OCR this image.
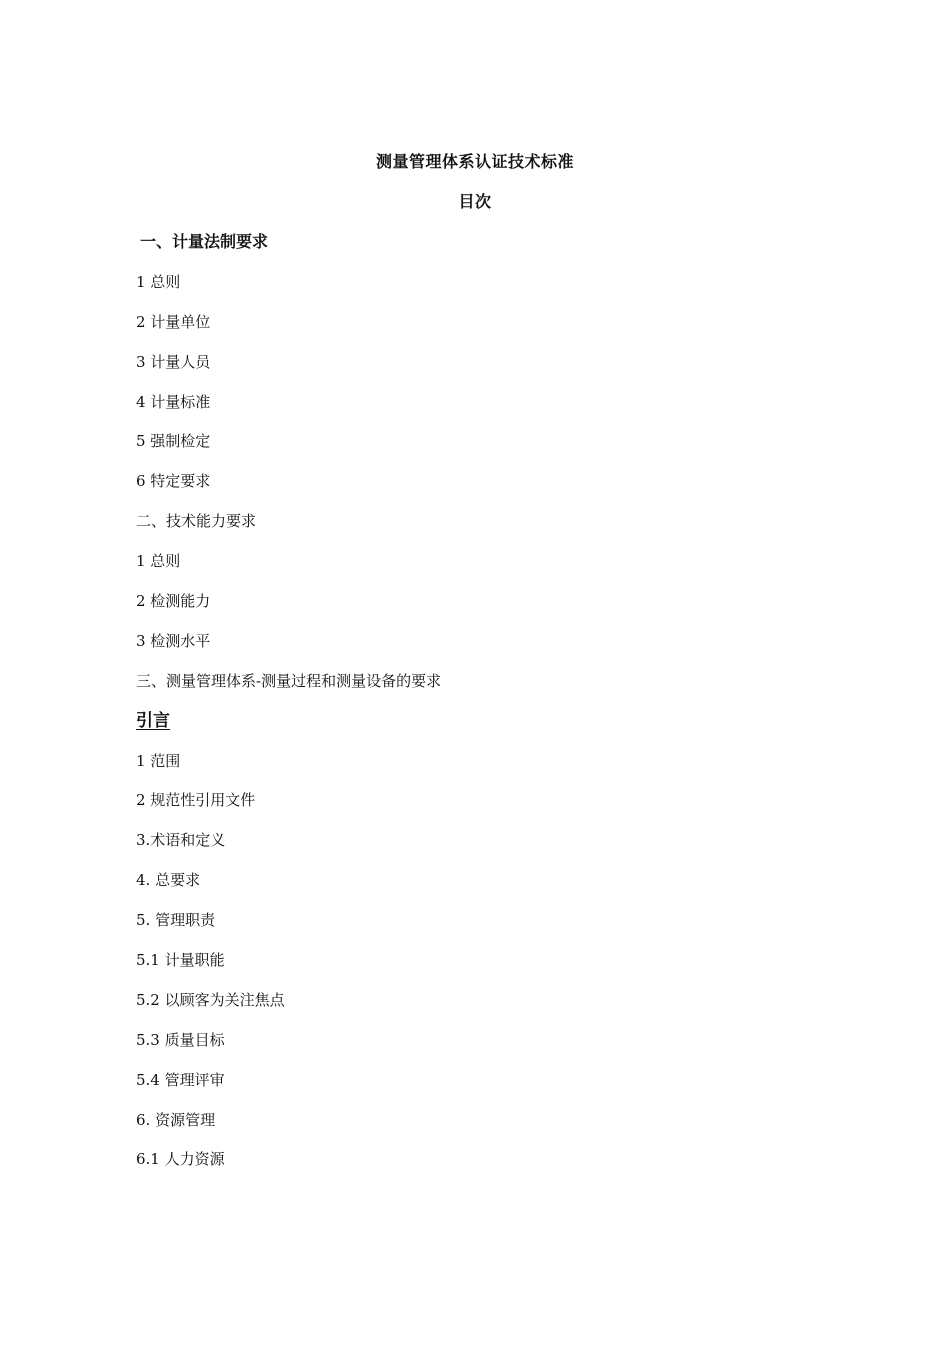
测量管理体系认证技术标准
目次
一、计量法制要求
1 总则
2 计量单位
3 计量人员
4 计量标准
5 强制检定
6 特定要求
二、技术能力要求
1 总则
2 检测能力
3 检测水平
三、测量管理体系-测量过程和测量设备的要求
引言
1 范围
2 规范性引用文件
3.术语和定义
4. 总要求
5. 管理职责
5.1 计量职能
5.2 以顾客为关注焦点
5.3 质量目标
5.4 管理评审
6. 资源管理
6.1 人力资源
